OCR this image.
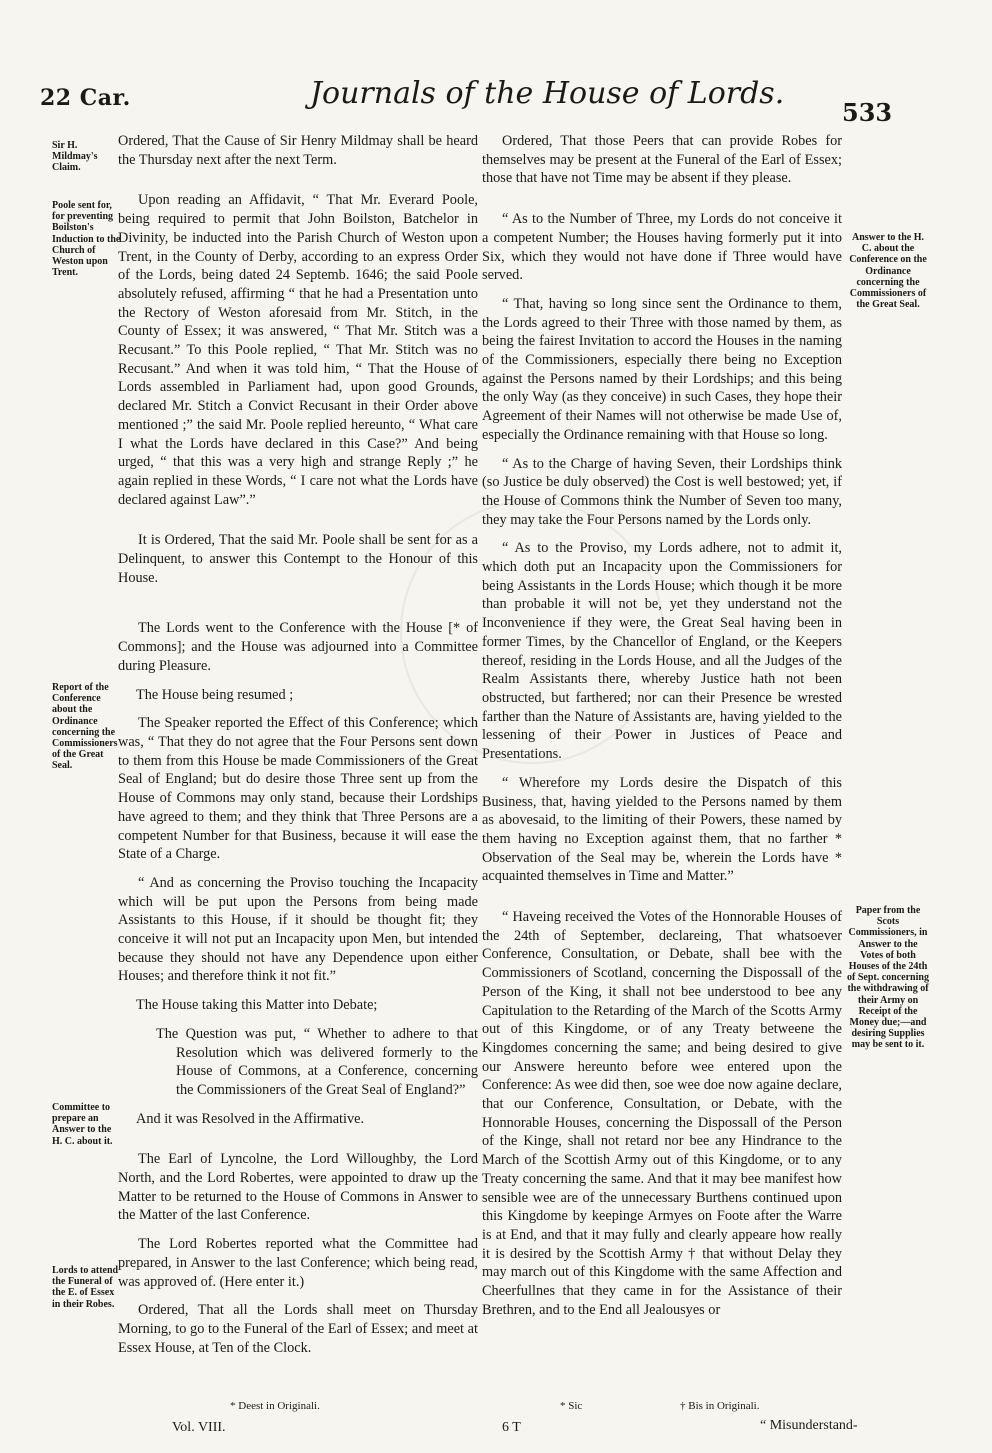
22 Car.	Journals of the House of Lords.
533
Sir H. Mildmay's Claim.
Poole sent for, for preventing Boilston's Induction to the Church of Weston upon Trent.
Report of the Conference about the Ordinance concerning the Commissioners of the Great Seal.
Committee to prepare an Answer to the H. C. about it.
Lords to attend the Funeral of the E. of Essex in their Robes.
Answer to the H. C. about the Conference on the Ordinance concerning the Commissioners of the Great Seal.
Paper from the Scots Commissioners, in Answer to the Votes of both Houses of the 24th of Sept. concerning the withdrawing of their Army on Receipt of the Money due;—and desiring Supplies may be sent to it.

Ordered, That the Cause of Sir Henry Mildmay shall be heard the Thursday next after the next Term.

Upon reading an Affidavit, “ That Mr. Everard Poole, being required to permit that John Boilston, Batchelor in Divinity, be inducted into the Parish Church of Weston upon Trent, in the County of Derby, according to an express Order of the Lords, being dated 24 Septemb. 1646; the said Poole absolutely refused, affirming “ that he had a Presentation unto the Rectory of Weston aforesaid from Mr. Stitch, in the County of Essex; it was answered, “ That Mr. Stitch was a Recusant.” To this Poole replied, “ That Mr. Stitch was no Recusant.” And when it was told him, “ That the House of Lords assembled in Parliament had, upon good Grounds, declared Mr. Stitch a Convict Recusant in their Order above mentioned ;” the said Mr. Poole replied hereunto, “ What care I what the Lords have declared in this Case?” And being urged, “ that this was a very high and strange Reply ;” he again replied in these Words, “ I care not what the Lords have declared against Law”.”

It is Ordered, That the said Mr. Poole shall be sent for as a Delinquent, to answer this Contempt to the Honour of this House.

The Lords went to the Conference with the House [* of Commons]; and the House was adjourned into a Committee during Pleasure.

The House being resumed ;

The Speaker reported the Effect of this Conference; which was, “ That they do not agree that the Four Persons sent down to them from this House be made Commissioners of the Great Seal of England; but do desire those Three sent up from the House of Commons may only stand, because their Lordships have agreed to them; and they think that Three Persons are a competent Number for that Business, because it will ease the State of a Charge.

“ And as concerning the Proviso touching the Incapacity which will be put upon the Persons from being made Assistants to this House, if it should be thought fit; they conceive it will not put an Incapacity upon Men, but intended because they should not have any Dependence upon either Houses; and therefore think it not fit.”

The House taking this Matter into Debate;

The Question was put, “ Whether to adhere to that Resolution which was delivered formerly to the House of Commons, at a Conference, concerning the Commissioners of the Great Seal of England?”

And it was Resolved in the Affirmative.

The Earl of Lyncolne, the Lord Willoughby, the Lord North, and the Lord Robertes, were appointed to draw up the Matter to be returned to the House of Commons in Answer to the Matter of the last Conference.

The Lord Robertes reported what the Committee had prepared, in Answer to the last Conference; which being read, was approved of. (Here enter it.)

Ordered, That all the Lords shall meet on Thursday Morning, to go to the Funeral of the Earl of Essex; and meet at Essex House, at Ten of the Clock.

Ordered, That those Peers that can provide Robes for themselves may be present at the Funeral of the Earl of Essex; those that have not Time may be absent if they please.

“ As to the Number of Three, my Lords do not conceive it a competent Number; the Houses having formerly put it into Six, which they would not have done if Three would have served.

“ That, having so long since sent the Ordinance to them, the Lords agreed to their Three with those named by them, as being the fairest Invitation to accord the Houses in the naming of the Commissioners, especially there being no Exception against the Persons named by their Lordships; and this being the only Way (as they conceive) in such Cases, they hope their Agreement of their Names will not otherwise be made Use of, especially the Ordinance remaining with that House so long.

“ As to the Charge of having Seven, their Lordships think (so Justice be duly observed) the Cost is well bestowed; yet, if the House of Commons think the Number of Seven too many, they may take the Four Persons named by the Lords only.

“ As to the Proviso, my Lords adhere, not to admit it, which doth put an Incapacity upon the Commissioners for being Assistants in the Lords House; which though it be more than probable it will not be, yet they understand not the Inconvenience if they were, the Great Seal having been in former Times, by the Chancellor of England, or the Keepers thereof, residing in the Lords House, and all the Judges of the Realm Assistants there, whereby Justice hath not been obstructed, but farthered; nor can their Presence be wrested farther than the Nature of Assistants are, having yielded to the lessening of their Power in Justices of Peace and Presentations.

“ Wherefore my Lords desire the Dispatch of this Business, that, having yielded to the Persons named by them as abovesaid, to the limiting of their Powers, these named by them having no Exception against them, that no farther * Observation of the Seal may be, wherein the Lords have * acquainted themselves in Time and Matter.”

“ Haveing received the Votes of the Honnorable Houses of the 24th of September, declareing, That whatsoever Conference, Consultation, or Debate, shall bee with the Commissioners of Scotland, concerning the Dispossall of the Person of the King, it shall not bee understood to bee any Capitulation to the Retarding of the March of the Scotts Army out of this Kingdome, or of any Treaty betweene the Kingdomes concerning the same; and being desired to give our Answere hereunto before wee entered upon the Conference: As wee did then, soe wee doe now againe declare, that our Conference, Consultation, or Debate, with the Honnorable Houses, concerning the Dispossall of the Person of the Kinge, shall not retard nor bee any Hindrance to the March of the Scottish Army out of this Kingdome, or to any Treaty concerning the same. And that it may bee manifest how sensible wee are of the unnecessary Burthens continued upon this Kingdome by keepinge Armyes on Foote after the Warre is at End, and that it may fully and clearly appeare how really it is desired by the Scottish Army † that without Delay they may march out of this Kingdome with the same Affection and Cheerfullnes that they came in for the Assistance of their Brethren, and to the End all Jealousyes or

* Deest in Originali.	* Sic	† Bis in Originali.
Vol. VIII.	6 T	“ Misunderstand-
